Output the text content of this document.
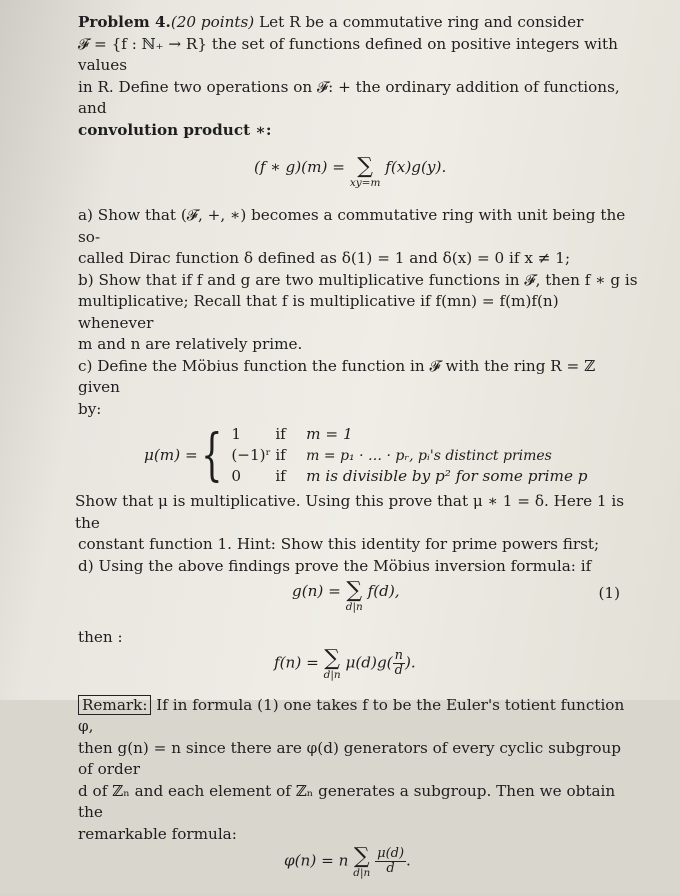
Problem 4.(20 points) Let R be a commutative ring and consider

𝓕 = {f : ℕ₊ → R} the set of functions defined on positive integers with values

in R. Define two operations on 𝓕: + the ordinary addition of functions, and

convolution product ∗:

(f ∗ g)(m) = ∑
xy=m
f(x)g(y).

a) Show that (𝓕, +, ∗) becomes a commutative ring with unit being the so-

called Dirac function δ defined as δ(1) = 1 and δ(x) = 0 if x ≠ 1;

b) Show that if f and g are two multiplicative functions in 𝓕, then f ∗ g is

multiplicative; Recall that f is multiplicative if f(mn) = f(m)f(n) whenever

m and n are relatively prime.

c) Define the Möbius function the function in 𝓕 with the ring R = ℤ given

by:

μ(m) = { 1 if m = 1
(−1)ʳ if m = p₁ · … · pᵣ, pᵢ's distinct primes
0 if m is divisible by p² for some prime p

Show that μ is multiplicative. Using this prove that μ ∗ 1 = δ. Here 1 is the

constant function 1. Hint: Show this identity for prime powers first;

d) Using the above findings prove the Möbius inversion formula: if

g(n) = ∑
d|n
f(d),	(1)

then :

f(n) = ∑
d|n
$\mu(d)g( \frac{n}{d}$ ).

Remark: If in formula (1) one takes f to be the Euler's totient function φ,

then g(n) = n since there are φ(d) generators of every cyclic subgroup of order

d of ℤₙ and each element of ℤₙ generates a subgroup. Then we obtain the

remarkable formula:

φ(n) = n ∑
d|n
$\frac{\mu(d)}{d}$ .
